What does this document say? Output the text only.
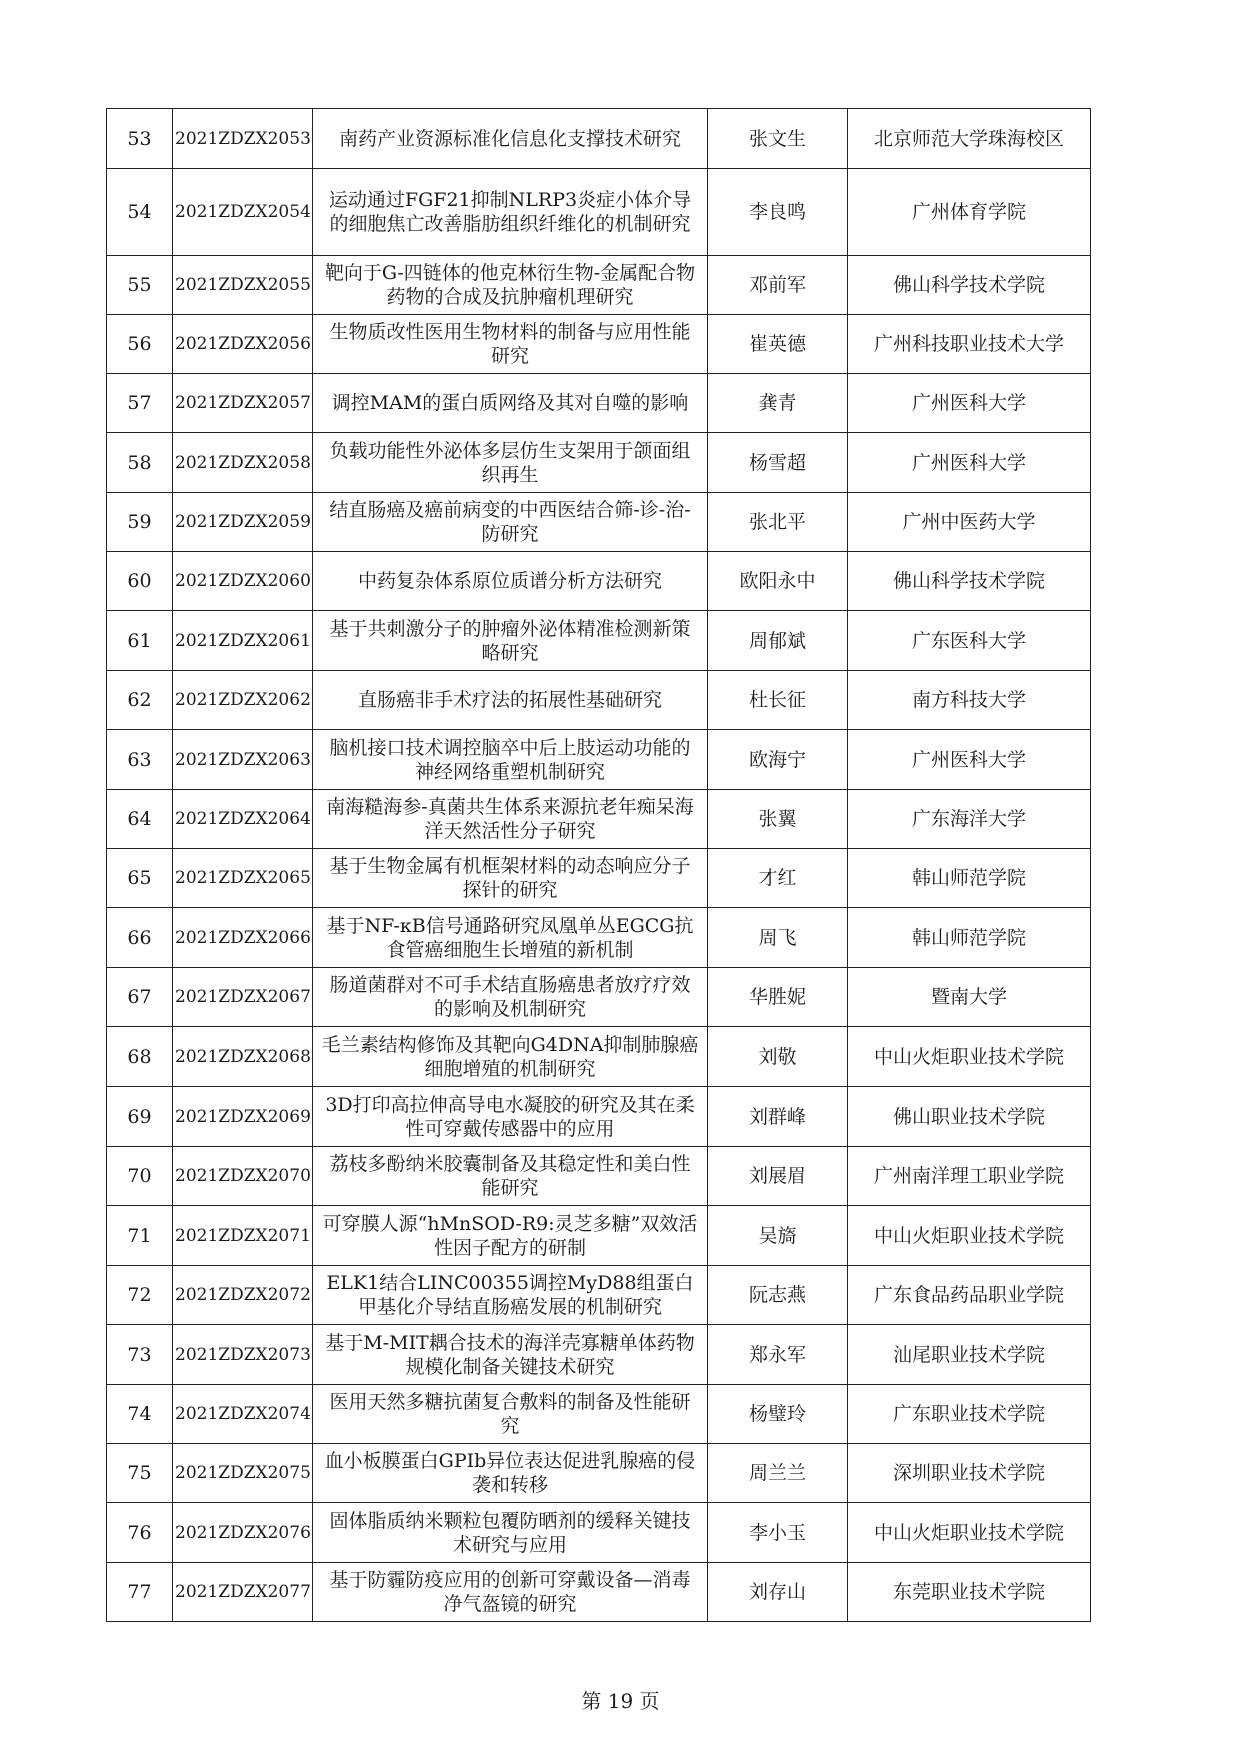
53	2021ZDZX2053	南药产业资源标准化信息化支撑技术研究	张文生	北京师范大学珠海校区
54	2021ZDZX2054	运动通过FGF21抑制NLRP3炎症小体介导的细胞焦亡改善脂肪组织纤维化的机制研究	李良鸣	广州体育学院
55	2021ZDZX2055	靶向于G-四链体的他克林衍生物-金属配合物药物的合成及抗肿瘤机理研究	邓前军	佛山科学技术学院
56	2021ZDZX2056	生物质改性医用生物材料的制备与应用性能研究	崔英德	广州科技职业技术大学
57	2021ZDZX2057	调控MAM的蛋白质网络及其对自噬的影响	龚青	广州医科大学
58	2021ZDZX2058	负载功能性外泌体多层仿生支架用于颌面组织再生	杨雪超	广州医科大学
59	2021ZDZX2059	结直肠癌及癌前病变的中西医结合筛-诊-治-防研究	张北平	广州中医药大学
60	2021ZDZX2060	中药复杂体系原位质谱分析方法研究	欧阳永中	佛山科学技术学院
61	2021ZDZX2061	基于共刺激分子的肿瘤外泌体精准检测新策略研究	周郁斌	广东医科大学
62	2021ZDZX2062	直肠癌非手术疗法的拓展性基础研究	杜长征	南方科技大学
63	2021ZDZX2063	脑机接口技术调控脑卒中后上肢运动功能的神经网络重塑机制研究	欧海宁	广州医科大学
64	2021ZDZX2064	南海糙海参-真菌共生体系来源抗老年痴呆海洋天然活性分子研究	张翼	广东海洋大学
65	2021ZDZX2065	基于生物金属有机框架材料的动态响应分子探针的研究	才红	韩山师范学院
66	2021ZDZX2066	基于NF-κB信号通路研究凤凰单丛EGCG抗食管癌细胞生长增殖的新机制	周飞	韩山师范学院
67	2021ZDZX2067	肠道菌群对不可手术结直肠癌患者放疗疗效的影响及机制研究	华胜妮	暨南大学
68	2021ZDZX2068	毛兰素结构修饰及其靶向G4DNA抑制肺腺癌细胞增殖的机制研究	刘敬	中山火炬职业技术学院
69	2021ZDZX2069	3D打印高拉伸高导电水凝胶的研究及其在柔性可穿戴传感器中的应用	刘群峰	佛山职业技术学院
70	2021ZDZX2070	荔枝多酚纳米胶囊制备及其稳定性和美白性能研究	刘展眉	广州南洋理工职业学院
71	2021ZDZX2071	可穿膜人源“hMnSOD-R9:灵芝多糖”双效活性因子配方的研制	吴旖	中山火炬职业技术学院
72	2021ZDZX2072	ELK1结合LINC00355调控MyD88组蛋白甲基化介导结直肠癌发展的机制研究	阮志燕	广东食品药品职业学院
73	2021ZDZX2073	基于M-MIT耦合技术的海洋壳寡糖单体药物规模化制备关键技术研究	郑永军	汕尾职业技术学院
74	2021ZDZX2074	医用天然多糖抗菌复合敷料的制备及性能研究	杨璧玲	广东职业技术学院
75	2021ZDZX2075	血小板膜蛋白GPIb异位表达促进乳腺癌的侵袭和转移	周兰兰	深圳职业技术学院
76	2021ZDZX2076	固体脂质纳米颗粒包覆防晒剂的缓释关键技术研究与应用	李小玉	中山火炬职业技术学院
77	2021ZDZX2077	基于防霾防疫应用的创新可穿戴设备—消毒净气盔镜的研究	刘存山	东莞职业技术学院
第 19 页
